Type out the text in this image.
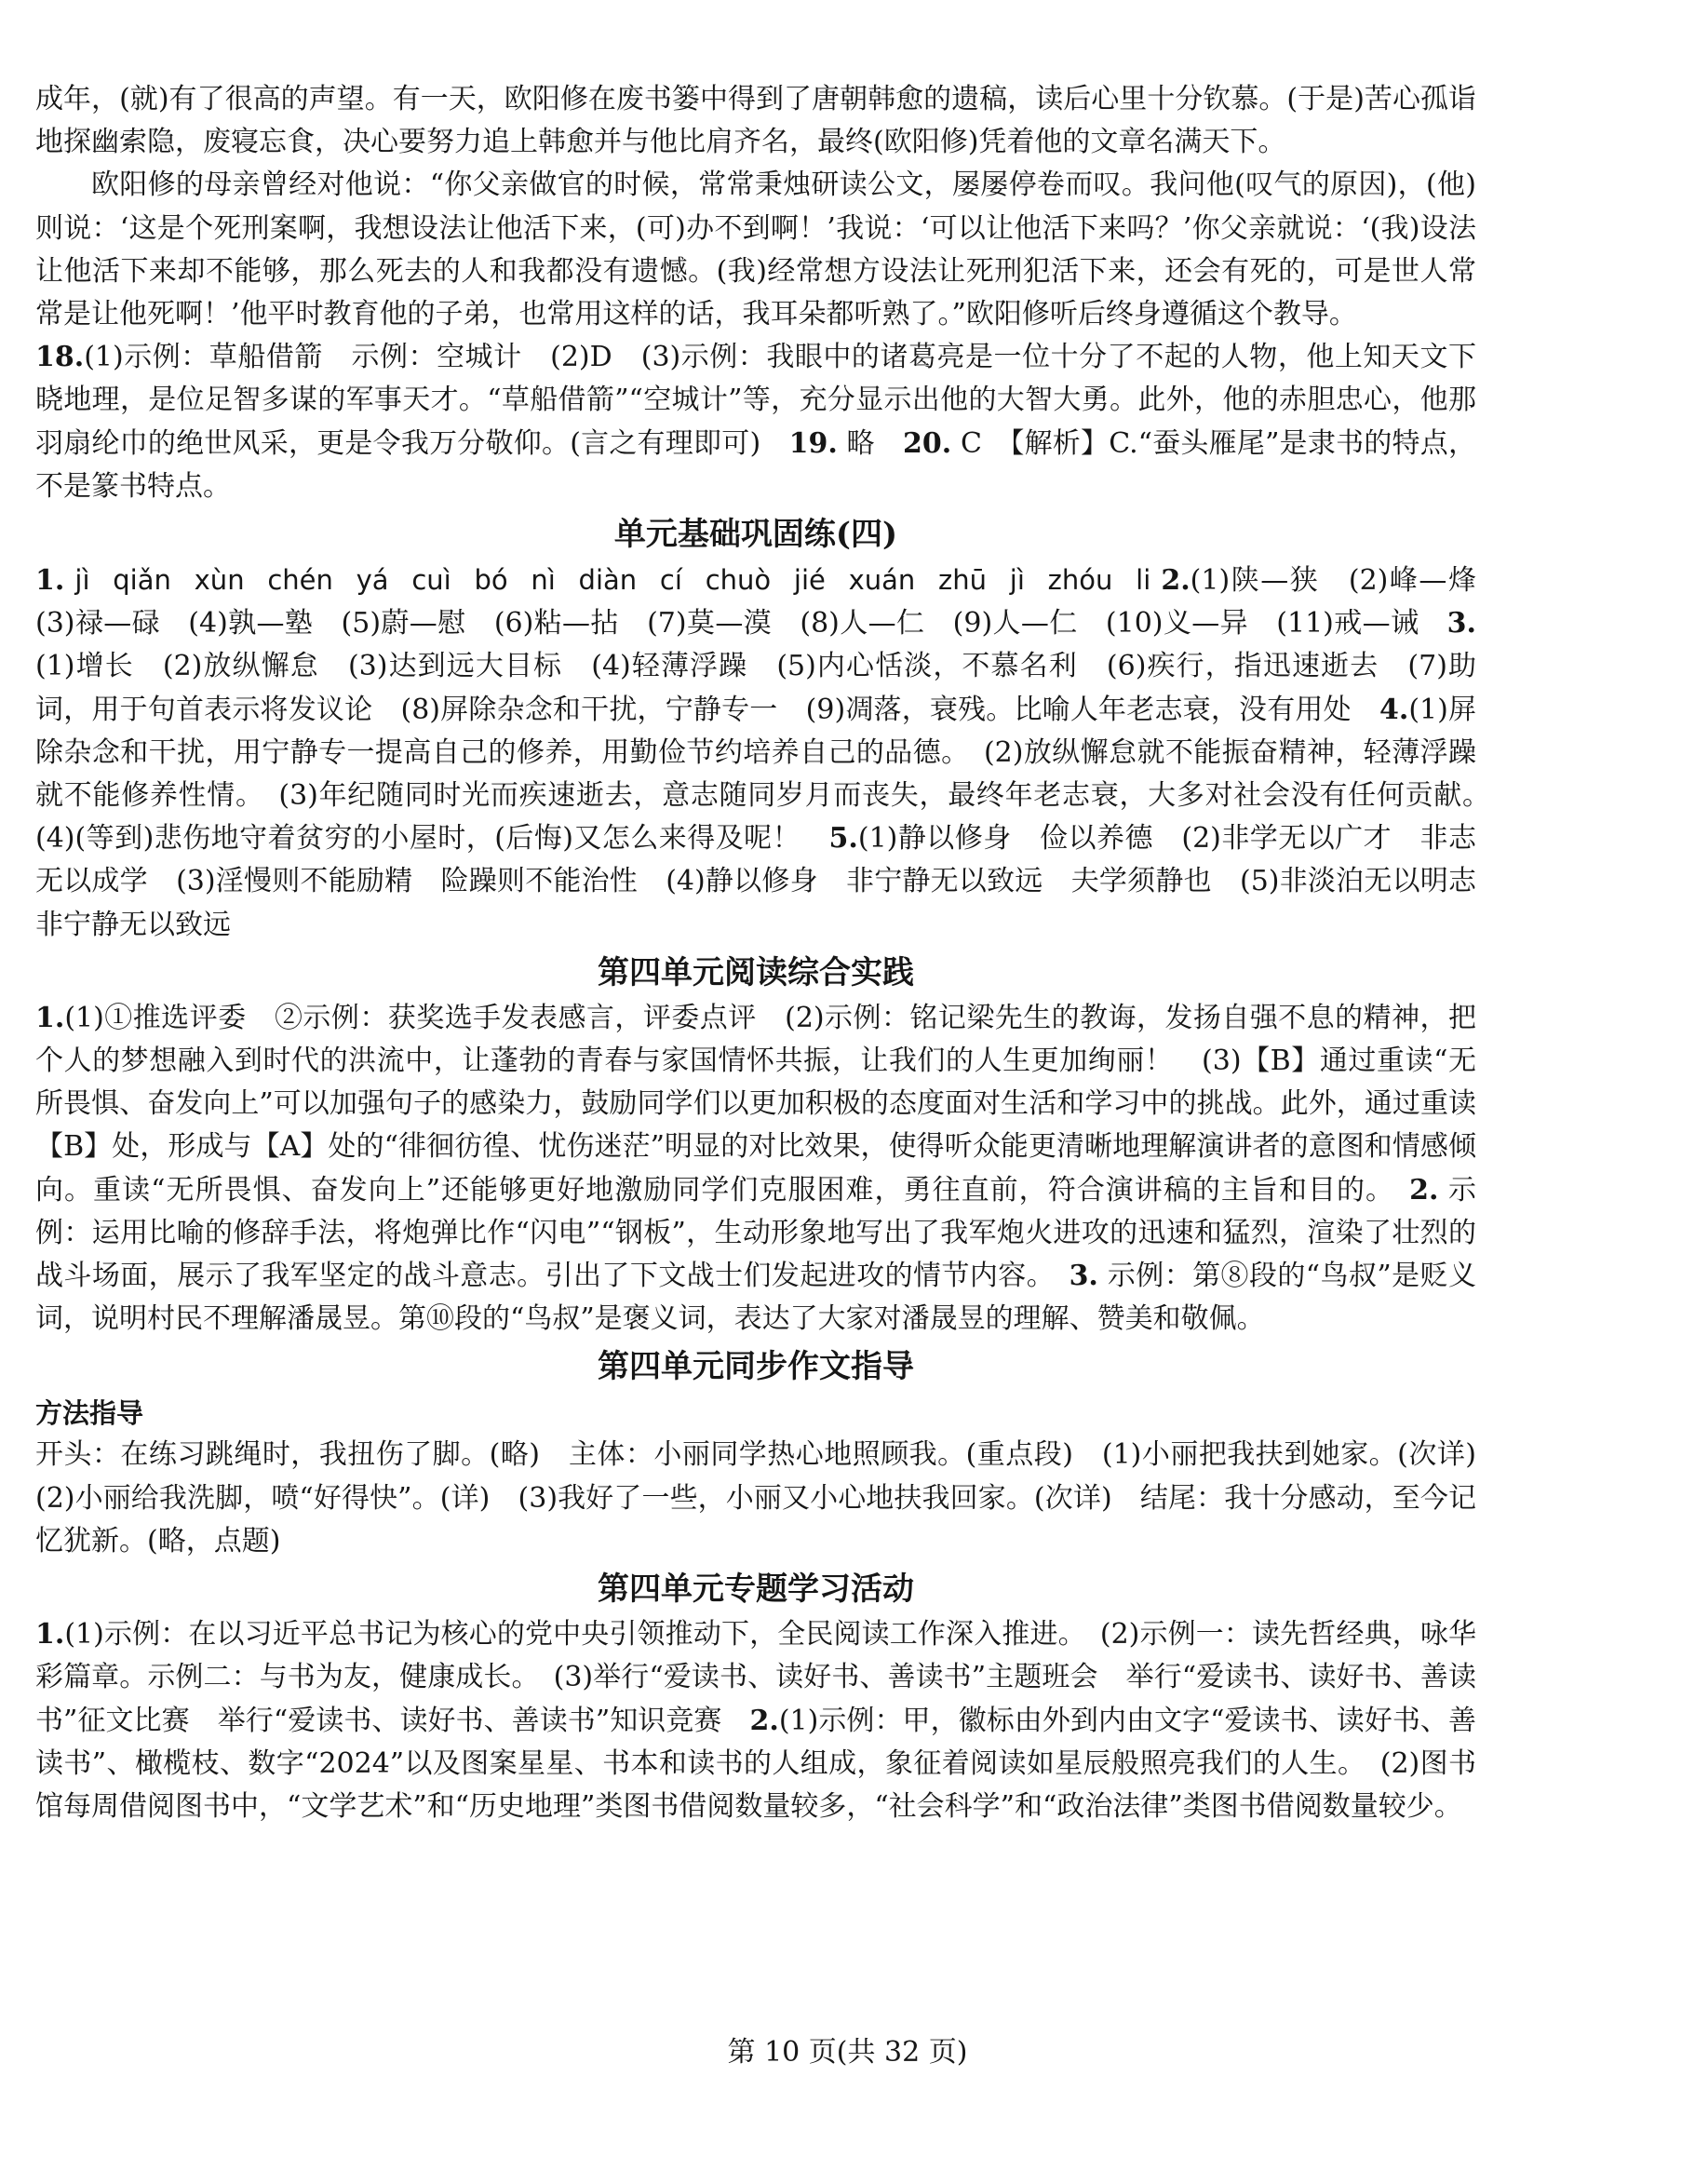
成年，(就)有了很高的声望。有一天，欧阳修在废书篓中得到了唐朝韩愈的遗稿，读后心里十分钦慕。(于是)苦心孤诣地探幽索隐，废寝忘食，决心要努力追上韩愈并与他比肩齐名，最终(欧阳修)凭着他的文章名满天下。

欧阳修的母亲曾经对他说：“你父亲做官的时候，常常秉烛研读公文，屡屡停卷而叹。我问他(叹气的原因)，(他)则说：‘这是个死刑案啊，我想设法让他活下来，(可)办不到啊！’我说：‘可以让他活下来吗？’你父亲就说：‘(我)设法让他活下来却不能够，那么死去的人和我都没有遗憾。(我)经常想方设法让死刑犯活下来，还会有死的，可是世人常常是让他死啊！’他平时教育他的子弟，也常用这样的话，我耳朵都听熟了。”欧阳修听后终身遵循这个教导。

18.(1)示例：草船借箭　示例：空城计　(2)D　(3)示例：我眼中的诸葛亮是一位十分了不起的人物，他上知天文下晓地理，是位足智多谋的军事天才。“草船借箭”“空城计”等，充分显示出他的大智大勇。此外，他的赤胆忠心，他那羽扇纶巾的绝世风采，更是令我万分敬仰。(言之有理即可)　19. 略　20. C　【解析】C.“蚕头雁尾”是隶书的特点，不是篆书特点。

单元基础巩固练(四)

1. jì qiǎn xùn chén yá cuì bó nì diàn cí chuò jié xuán zhū jì zhóu li 2.(1)陕—狭　(2)峰—烽　(3)禄—碌　(4)孰—塾　(5)蔚—慰　(6)粘—拈　(7)莫—漠　(8)人—仁　(9)人—仁　(10)义—异　(11)戒—诫　3.(1)增长　(2)放纵懈怠　(3)达到远大目标　(4)轻薄浮躁　(5)内心恬淡，不慕名利　(6)疾行，指迅速逝去　(7)助词，用于句首表示将发议论　(8)屏除杂念和干扰，宁静专一　(9)凋落，衰残。比喻人年老志衰，没有用处　4.(1)屏除杂念和干扰，用宁静专一提高自己的修养，用勤俭节约培养自己的品德。　(2)放纵懈怠就不能振奋精神，轻薄浮躁就不能修养性情。　(3)年纪随同时光而疾速逝去，意志随同岁月而丧失，最终年老志衰，大多对社会没有任何贡献。　(4)(等到)悲伤地守着贫穷的小屋时，(后悔)又怎么来得及呢！　5.(1)静以修身　俭以养德　(2)非学无以广才　非志无以成学　(3)淫慢则不能励精　险躁则不能治性　(4)静以修身　非宁静无以致远　夫学须静也　(5)非淡泊无以明志　非宁静无以致远

第四单元阅读综合实践

1.(1)①推选评委　②示例：获奖选手发表感言，评委点评　(2)示例：铭记梁先生的教诲，发扬自强不息的精神，把个人的梦想融入到时代的洪流中，让蓬勃的青春与家国情怀共振，让我们的人生更加绚丽！　(3)【B】通过重读“无所畏惧、奋发向上”可以加强句子的感染力，鼓励同学们以更加积极的态度面对生活和学习中的挑战。此外，通过重读【B】处，形成与【A】处的“徘徊彷徨、忧伤迷茫”明显的对比效果，使得听众能更清晰地理解演讲者的意图和情感倾向。重读“无所畏惧、奋发向上”还能够更好地激励同学们克服困难，勇往直前，符合演讲稿的主旨和目的。　2. 示例：运用比喻的修辞手法，将炮弹比作“闪电”“钢板”，生动形象地写出了我军炮火进攻的迅速和猛烈，渲染了壮烈的战斗场面，展示了我军坚定的战斗意志。引出了下文战士们发起进攻的情节内容。　3. 示例：第⑧段的“鸟叔”是贬义词，说明村民不理解潘晟昱。第⑩段的“鸟叔”是褒义词，表达了大家对潘晟昱的理解、赞美和敬佩。

第四单元同步作文指导
方法指导

开头：在练习跳绳时，我扭伤了脚。(略)　主体：小丽同学热心地照顾我。(重点段)　(1)小丽把我扶到她家。(次详)　(2)小丽给我洗脚，喷“好得快”。(详)　(3)我好了一些，小丽又小心地扶我回家。(次详)　结尾：我十分感动，至今记忆犹新。(略，点题)

第四单元专题学习活动

1.(1)示例：在以习近平总书记为核心的党中央引领推动下，全民阅读工作深入推进。　(2)示例一：读先哲经典，咏华彩篇章。示例二：与书为友，健康成长。　(3)举行“爱读书、读好书、善读书”主题班会　举行“爱读书、读好书、善读书”征文比赛　举行“爱读书、读好书、善读书”知识竞赛　2.(1)示例：甲，徽标由外到内由文字“爱读书、读好书、善读书”、橄榄枝、数字“2024”以及图案星星、书本和读书的人组成，象征着阅读如星辰般照亮我们的人生。　(2)图书馆每周借阅图书中，“文学艺术”和“历史地理”类图书借阅数量较多，“社会科学”和“政治法律”类图书借阅数量较少。

第 10 页(共 32 页)
